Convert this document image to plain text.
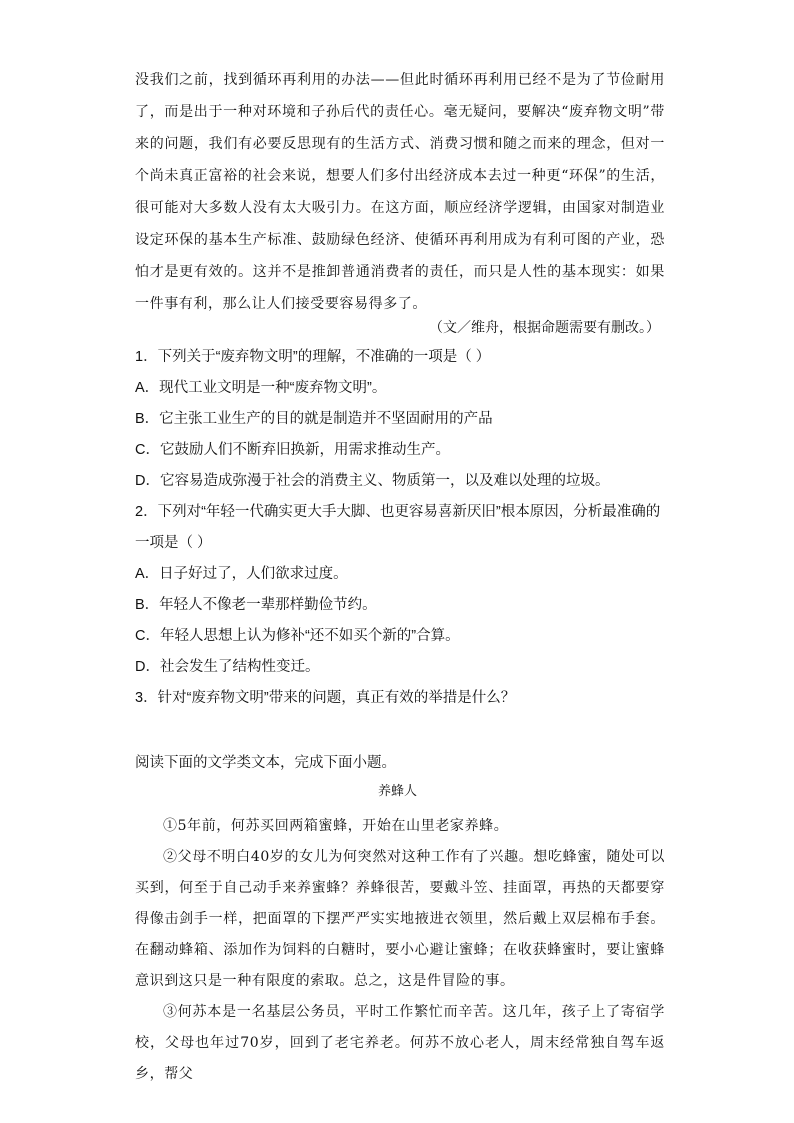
没我们之前，找到循环再利用的办法——但此时循环再利用已经不是为了节俭耐用了，而是出于一种对环境和子孙后代的责任心。毫无疑问，要解决“废弃物文明”带来的问题，我们有必要反思现有的生活方式、消费习惯和随之而来的理念，但对一个尚未真正富裕的社会来说，想要人们多付出经济成本去过一种更“环保”的生活，很可能对大多数人没有太大吸引力。在这方面，顺应经济学逻辑，由国家对制造业设定环保的基本生产标准、鼓励绿色经济、使循环再利用成为有利可图的产业，恐怕才是更有效的。这并不是推卸普通消费者的责任，而只是人性的基本现实：如果一件事有利，那么让人们接受要容易得多了。

（文／维舟，根据命题需要有删改。）

1．下列关于“废弃物文明”的理解，不准确的一项是（ ）

A．现代工业文明是一种“废弃物文明”。

B．它主张工业生产的目的就是制造并不坚固耐用的产品

C．它鼓励人们不断弃旧换新，用需求推动生产。

D．它容易造成弥漫于社会的消费主义、物质第一，以及难以处理的垃圾。

2．下列对“年轻一代确实更大手大脚、也更容易喜新厌旧”根本原因，分析最准确的一项是（ ）

A．日子好过了，人们欲求过度。

B．年轻人不像老一辈那样勤俭节约。

C．年轻人思想上认为修补“还不如买个新的”合算。

D．社会发生了结构性变迁。

3．针对“废弃物文明”带来的问题，真正有效的举措是什么？

阅读下面的文学类文本，完成下面小题。

养蜂人

①5年前，何苏买回两箱蜜蜂，开始在山里老家养蜂。

②父母不明白40岁的女儿为何突然对这种工作有了兴趣。想吃蜂蜜，随处可以买到，何至于自己动手来养蜜蜂？养蜂很苦，要戴斗笠、挂面罩，再热的天都要穿得像击剑手一样，把面罩的下摆严严实实地掖进衣领里，然后戴上双层棉布手套。在翻动蜂箱、添加作为饲料的白糖时，要小心避让蜜蜂；在收获蜂蜜时，要让蜜蜂意识到这只是一种有限度的索取。总之，这是件冒险的事。

③何苏本是一名基层公务员，平时工作繁忙而辛苦。这几年，孩子上了寄宿学校，父母也年过70岁，回到了老宅养老。何苏不放心老人，周末经常独自驾车返乡，帮父
